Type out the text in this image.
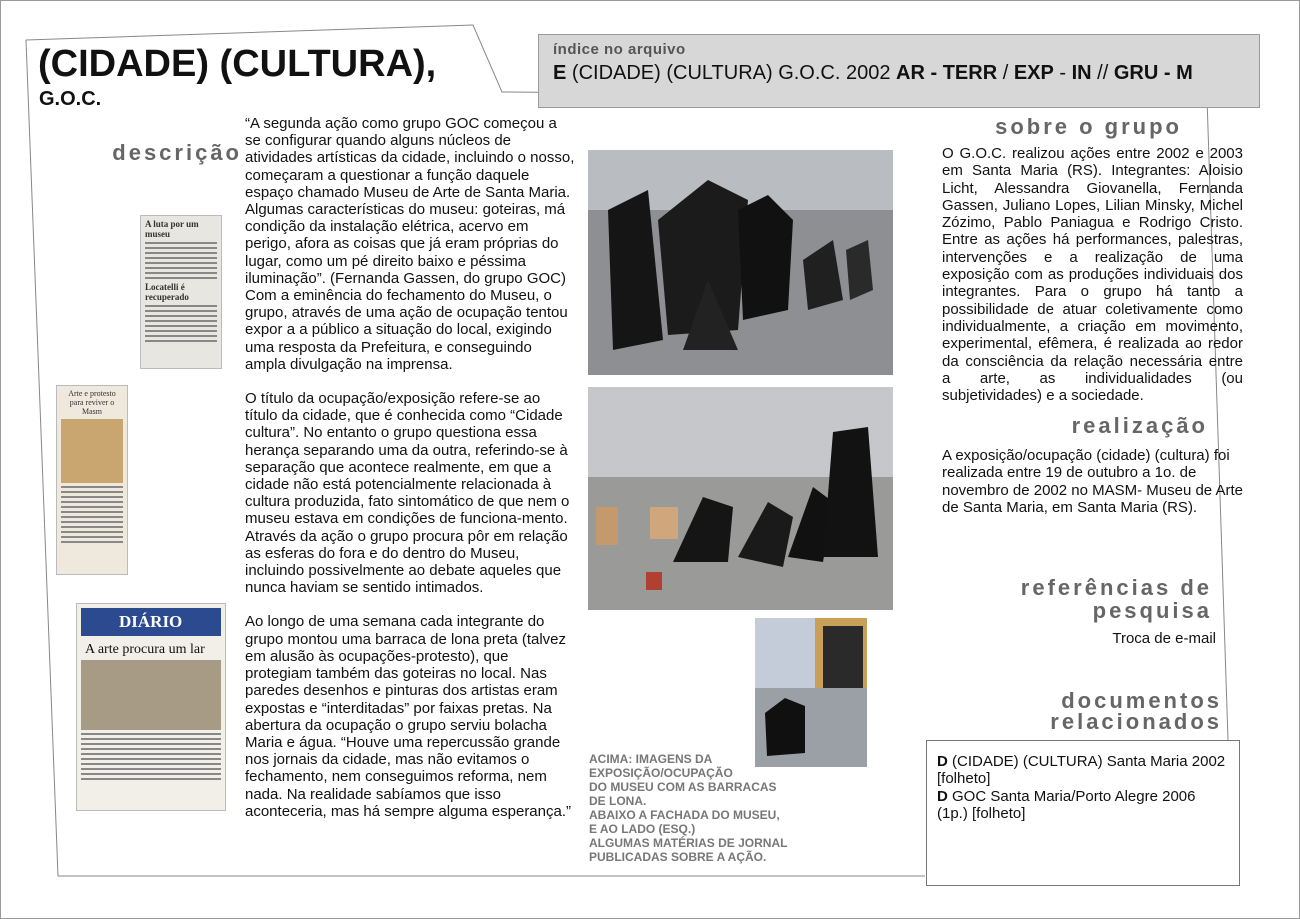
(CIDADE) (CULTURA),
G.O.C.
índice no arquivo
E (CIDADE) (CULTURA) G.O.C. 2002 AR - TERR / EXP - IN // GRU - M
descrição

“A segunda ação como grupo GOC começou a se configurar quando alguns núcleos de atividades artísticas da cidade, incluindo o nosso, começaram a questionar a função daquele espaço chamado Museu de Arte de Santa Maria. Algumas características do museu: goteiras, má condição da instalação elétrica, acervo em perigo, afora as coisas que já eram próprias do lugar, como um pé direito baixo e péssima iluminação”. (Fernanda Gassen, do grupo GOC) Com a eminência do fechamento do Museu, o grupo, através de uma ação de ocupação tentou expor a a público a situação do local, exigindo uma resposta da Prefeitura, e conseguindo ampla divulgação na imprensa.

O título da ocupação/exposição refere-se ao título da cidade, que é conhecida como “Cidade cultura”. No entanto o grupo questiona essa herança separando uma da outra, referindo-se à separação que acontece realmente, em que a cidade não está potencialmente relacionada à cultura produzida, fato sintomático de que nem o museu estava em condições de funciona-mento. Através da ação o grupo procura pôr em relação as esferas do fora e do dentro do Museu, incluindo possivelmente ao debate aqueles que nunca haviam se sentido intimados.

Ao longo de uma semana cada integrante do grupo montou uma barraca de lona preta (talvez em alusão às ocupações-protesto), que protegiam também das goteiras no local. Nas paredes desenhos e pinturas dos artistas eram expostas e “interditadas” por faixas pretas. Na abertura da ocupação o grupo serviu bolacha Maria e água. “Houve uma repercussão grande nos jornais da cidade, mas não evitamos o fechamento, nem conseguimos reforma, nem nada. Na realidade sabíamos que isso aconteceria, mas há sempre alguma esperança.”

A luta por um museu
Locatelli é recuperado
Arte e protesto para reviver o Masm
DIÁRIO
A arte procura um lar
ACIMA: IMAGENS DA
EXPOSIÇÃO/OCUPAÇÃO
DO MUSEU COM AS BARRACAS
DE LONA.
ABAIXO A FACHADA DO MUSEU,
E AO LADO (ESQ.)
ALGUMAS MATÉRIAS DE JORNAL
PUBLICADAS SOBRE A AÇÃO.
sobre o grupo
O G.O.C. realizou ações entre 2002 e 2003 em Santa Maria (RS). Integrantes: Aloisio Licht, Alessandra Giovanella, Fernanda Gassen, Juliano Lopes, Lilian Minsky, Michel Zózimo, Pablo Paniagua e Rodrigo Cristo. Entre as ações há performances, palestras, intervenções e a realização de uma exposição com as produções individuais dos integrantes. Para o grupo há tanto a possibilidade de atuar coletivamente como individualmente, a criação em movimento, experimental, efêmera, é realizada ao redor da consciência da relação necessária entre a arte, as individualidades (ou subjetividades) e a sociedade.
realização
A exposição/ocupação (cidade) (cultura) foi realizada entre 19 de outubro a 1o. de novembro de 2002 no MASM- Museu de Arte de Santa Maria, em Santa Maria (RS).
referências de
pesquisa
Troca de e-mail
documentos
relacionados
D (CIDADE) (CULTURA) Santa Maria 2002 [folheto]
D GOC Santa Maria/Porto Alegre 2006 (1p.) [folheto]
